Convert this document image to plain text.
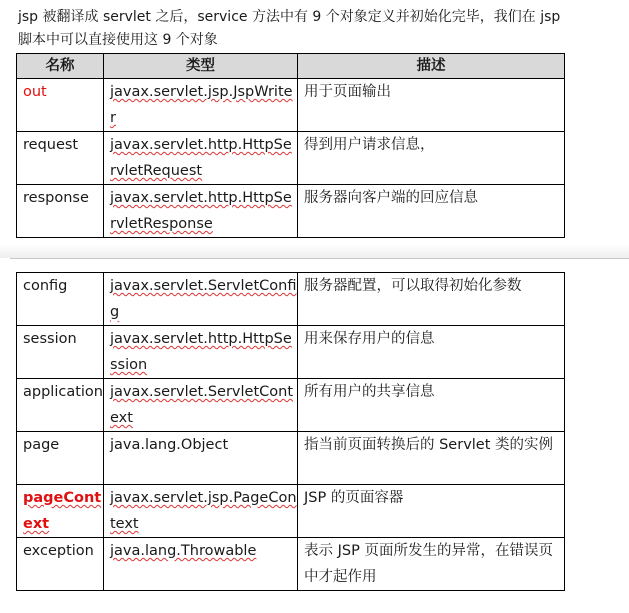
jsp 被翻译成 servlet 之后，service 方法中有 9 个对象定义并初始化完毕，我们在 jsp

脚本中可以直接使用这 9 个对象

名称	类型	描述
out	javax.servlet.jsp.JspWriter	用于页面输出
request	javax.servlet.http.HttpServletRequest	得到用户请求信息，
response	javax.servlet.http.HttpServletResponse	服务器向客户端的回应信息
config	javax.servlet.ServletConfig	服务器配置，可以取得初始化参数
session	javax.servlet.http.HttpSession	用来保存用户的信息
application	javax.servlet.ServletContext	所有用户的共享信息
page	java.lang.Object	指当前页面转换后的 Servlet 类的实例
pageContext	javax.servlet.jsp.PageContext	JSP 的页面容器
exception	java.lang.Throwable	表示 JSP 页面所发生的异常，在错误页中才起作用
